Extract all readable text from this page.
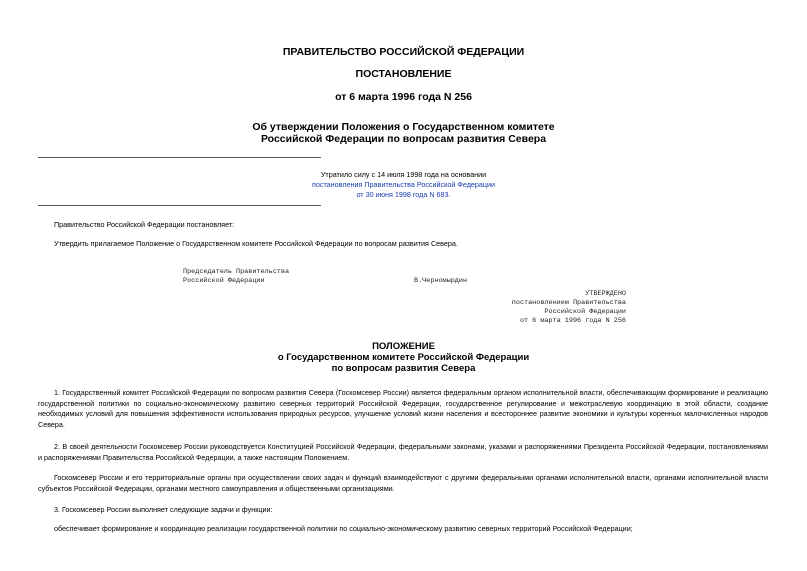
ПРАВИТЕЛЬСТВО РОССИЙСКОЙ ФЕДЕРАЦИИ
ПОСТАНОВЛЕНИЕ
от 6 марта 1996 года N 256
Об утверждении Положения о Государственном комитете
Российской Федерации по вопросам развития Севера
Утратило силу с 14 июля 1998 года на основании
постановления Правительства Российской Федерации
от 30 июня 1998 года N 683.
Правительство Российской Федерации постановляет:
Утвердить прилагаемое Положение о Государственном комитете Российской Федерации по вопросам развития Севера.
Председатель Правительства
Российской Федерации	В.Черномырдин
УТВЕРЖДЕНО
постановлением Правительства
Российской Федерации
от 6 марта 1996 года N 256
ПОЛОЖЕНИЕ
о Государственном комитете Российской Федерации
по вопросам развития Севера
1. Государственный комитет Российской Федерации по вопросам развития Севера (Госкомсевер России) является федеральным органом исполнительной власти, обеспечивающим формирование и реализацию государственной политики по социально-экономическому развитию северных территорий Российской Федерации, государственное регулирование и межотраслевую координацию в этой области, создание необходимых условий для повышения эффективности использования природных ресурсов, улучшение условий жизни населения и всестороннее развитие экономики и культуры коренных малочисленных народов Севера.
2. В своей деятельности Госкомсевер России руководствуется Конституцией Российской Федерации, федеральными законами, указами и распоряжениями Президента Российской Федерации, постановлениями и распоряжениями Правительства Российской Федерации, а также настоящим Положением.
Госкомсевер России и его территориальные органы при осуществлении своих задач и функций взаимодействуют с другими федеральными органами исполнительной власти, органами исполнительной власти субъектов Российской Федерации, органами местного самоуправления и общественными организациями.
3. Госкомсевер России выполняет следующие задачи и функции:
обеспечивает формирование и координацию реализации государственной политики по социально-экономическому развитию северных территорий Российской Федерации;
